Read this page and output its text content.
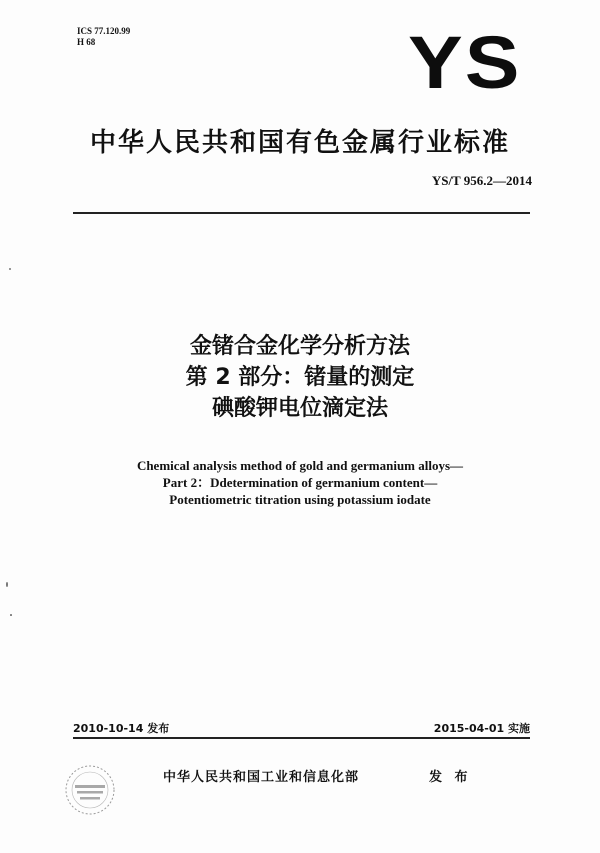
ICS 77.120.99
H 68	YS
中华人民共和国有色金属行业标准
YS/T 956.2—2014
金锗合金化学分析方法
第 2 部分：锗量的测定
碘酸钾电位滴定法
Chemical analysis method of gold and germanium alloys—
Part 2：Ddetermination of germanium content—
Potentiometric titration using potassium iodate
2010-10-14 发布	2015-04-01 实施
中华人民共和国工业和信息化部	发 布
